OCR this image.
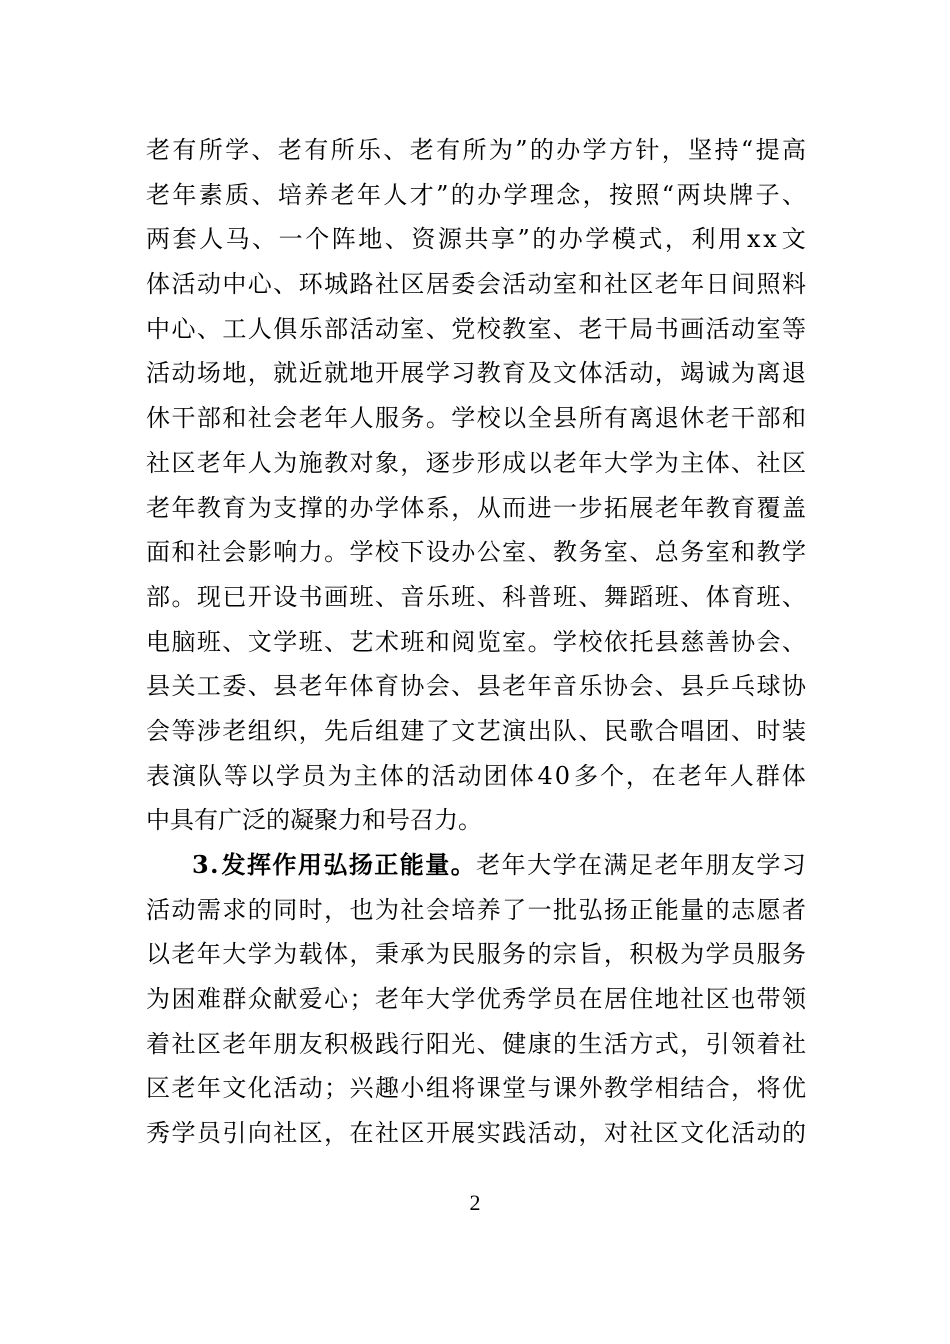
老 有 所 学 、 老 有 所 乐 、 老 有 所 为 ” 的 办 学 方 针 ， 坚 持 “ 提 高
老 年 素 质 、 培 养 老 年 人 才 ” 的 办 学 理 念 ， 按 照 “ 两 块 牌 子 、
两 套 人 马 、 一 个 阵 地 、 资 源 共 享 ” 的 办 学 模 式 ， 利 用 x x 文
体 活 动 中 心 、 环 城 路 社 区 居 委 会 活 动 室 和 社 区 老 年 日 间 照 料
中 心 、 工 人 俱 乐 部 活 动 室 、 党 校 教 室 、 老 干 局 书 画 活 动 室 等
活 动 场 地 ， 就 近 就 地 开 展 学 习 教 育 及 文 体 活 动 ， 竭 诚 为 离 退
休 干 部 和 社 会 老 年 人 服 务 。 学 校 以 全 县 所 有 离 退 休 老 干 部 和
社 区 老 年 人 为 施 教 对 象 ， 逐 步 形 成 以 老 年 大 学 为 主 体 、 社 区
老 年 教 育 为 支 撑 的 办 学 体 系 ， 从 而 进 一 步 拓 展 老 年 教 育 覆 盖
面 和 社 会 影 响 力 。 学 校 下 设 办 公 室 、 教 务 室 、 总 务 室 和 教 学
部 。 现 已 开 设 书 画 班 、 音 乐 班 、 科 普 班 、 舞 蹈 班 、 体 育 班 、
电 脑 班 、 文 学 班 、 艺 术 班 和 阅 览 室 。 学 校 依 托 县 慈 善 协 会 、
县 关 工 委 、 县 老 年 体 育 协 会 、 县 老 年 音 乐 协 会 、 县 乒 乓 球 协
会 等 涉 老 组 织 ， 先 后 组 建 了 文 艺 演 出 队 、 民 歌 合 唱 团 、 时 装
表 演 队 等 以 学 员 为 主 体 的 活 动 团 体 4 0 多 个 ， 在 老 年 人 群 体
中具有广泛的凝聚力和号召力。
3 . 发 挥 作 用 弘 扬 正 能 量 。 老 年 大 学 在 满 足 老 年 朋 友 学 习
活 动 需 求 的 同 时 ， 也 为 社 会 培 养 了 一 批 弘 扬 正 能 量 的 志 愿 者
以 老 年 大 学 为 载 体 ， 秉 承 为 民 服 务 的 宗 旨 ， 积 极 为 学 员 服 务
为 困 难 群 众 献 爱 心 ； 老 年 大 学 优 秀 学 员 在 居 住 地 社 区 也 带 领
着 社 区 老 年 朋 友 积 极 践 行 阳 光 、 健 康 的 生 活 方 式 ， 引 领 着 社
区 老 年 文 化 活 动 ； 兴 趣 小 组 将 课 堂 与 课 外 教 学 相 结 合 ， 将 优
秀 学 员 引 向 社 区 ， 在 社 区 开 展 实 践 活 动 ， 对 社 区 文 化 活 动 的
2
